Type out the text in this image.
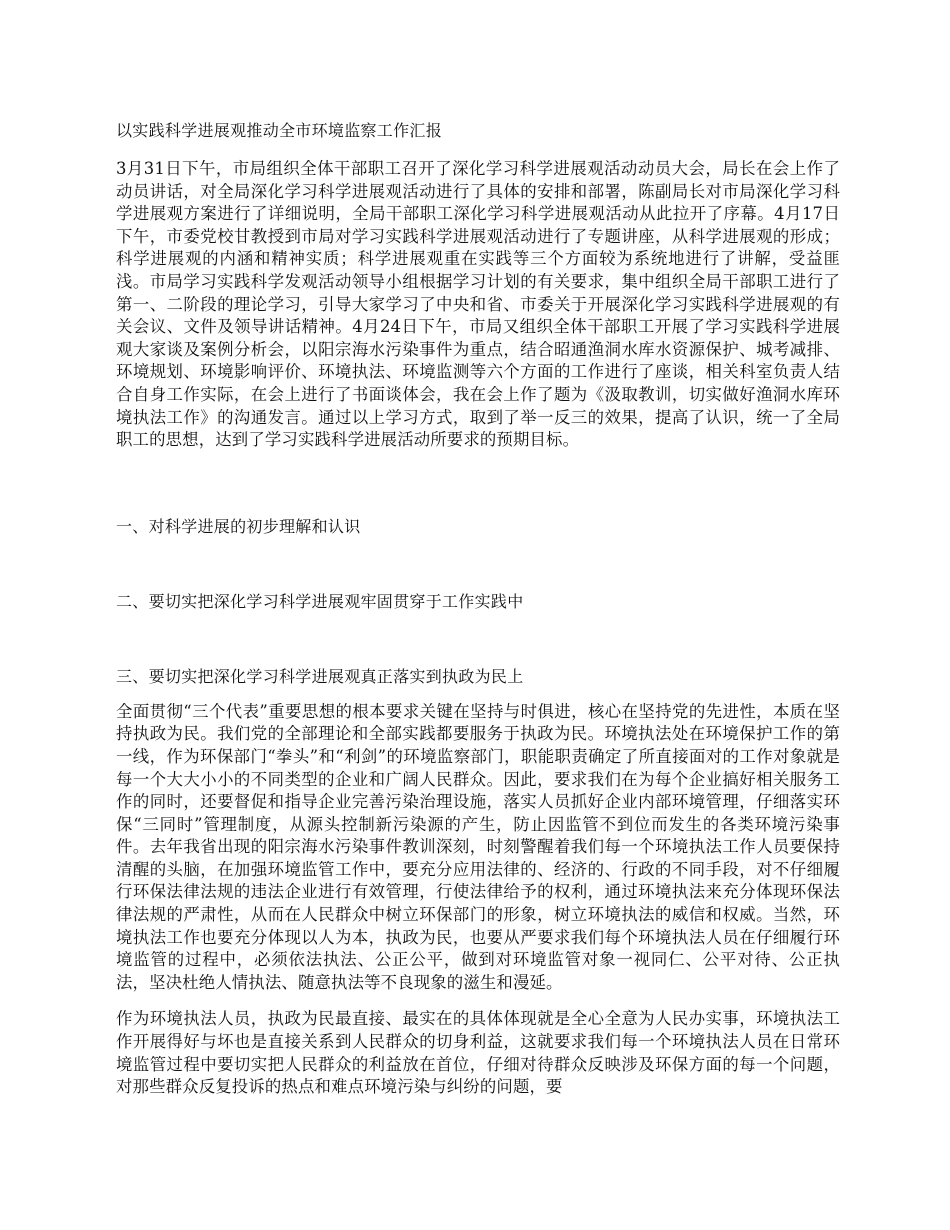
以实践科学进展观推动全市环境监察工作汇报

3月31日下午，市局组织全体干部职工召开了深化学习科学进展观活动动员大会，局长在会上作了动员讲话，对全局深化学习科学进展观活动进行了具体的安排和部署，陈副局长对市局深化学习科学进展观方案进行了详细说明，全局干部职工深化学习科学进展观活动从此拉开了序幕。4月17日下午，市委党校甘教授到市局对学习实践科学进展观活动进行了专题讲座，从科学进展观的形成；科学进展观的内涵和精神实质；科学进展观重在实践等三个方面较为系统地进行了讲解，受益匪浅。市局学习实践科学发观活动领导小组根据学习计划的有关要求，集中组织全局干部职工进行了第一、二阶段的理论学习，引导大家学习了中央和省、市委关于开展深化学习实践科学进展观的有关会议、文件及领导讲话精神。4月24日下午，市局又组织全体干部职工开展了学习实践科学进展观大家谈及案例分析会，以阳宗海水污染事件为重点，结合昭通渔洞水库水资源保护、城考减排、环境规划、环境影响评价、环境执法、环境监测等六个方面的工作进行了座谈，相关科室负责人结合自身工作实际，在会上进行了书面谈体会，我在会上作了题为《汲取教训，切实做好渔洞水库环境执法工作》的沟通发言。通过以上学习方式，取到了举一反三的效果，提高了认识，统一了全局职工的思想，达到了学习实践科学进展活动所要求的预期目标。

一、对科学进展的初步理解和认识
二、要切实把深化学习科学进展观牢固贯穿于工作实践中
三、要切实把深化学习科学进展观真正落实到执政为民上

全面贯彻“三个代表”重要思想的根本要求关键在坚持与时俱进，核心在坚持党的先进性，本质在坚持执政为民。我们党的全部理论和全部实践都要服务于执政为民。环境执法处在环境保护工作的第一线，作为环保部门“拳头”和“利剑”的环境监察部门，职能职责确定了所直接面对的工作对象就是每一个大大小小的不同类型的企业和广阔人民群众。因此，要求我们在为每个企业搞好相关服务工作的同时，还要督促和指导企业完善污染治理设施，落实人员抓好企业内部环境管理，仔细落实环保“三同时”管理制度，从源头控制新污染源的产生，防止因监管不到位而发生的各类环境污染事件。去年我省出现的阳宗海水污染事件教训深刻，时刻警醒着我们每一个环境执法工作人员要保持清醒的头脑，在加强环境监管工作中，要充分应用法律的、经济的、行政的不同手段，对不仔细履行环保法律法规的违法企业进行有效管理，行使法律给予的权利，通过环境执法来充分体现环保法律法规的严肃性，从而在人民群众中树立环保部门的形象，树立环境执法的威信和权威。当然，环境执法工作也要充分体现以人为本，执政为民，也要从严要求我们每个环境执法人员在仔细履行环境监管的过程中，必须依法执法、公正公平，做到对环境监管对象一视同仁、公平对待、公正执法，坚决杜绝人情执法、随意执法等不良现象的滋生和漫延。

作为环境执法人员，执政为民最直接、最实在的具体体现就是全心全意为人民办实事，环境执法工作开展得好与坏也是直接关系到人民群众的切身利益，这就要求我们每一个环境执法人员在日常环境监管过程中要切实把人民群众的利益放在首位，仔细对待群众反映涉及环保方面的每一个问题，对那些群众反复投诉的热点和难点环境污染与纠纷的问题，要
